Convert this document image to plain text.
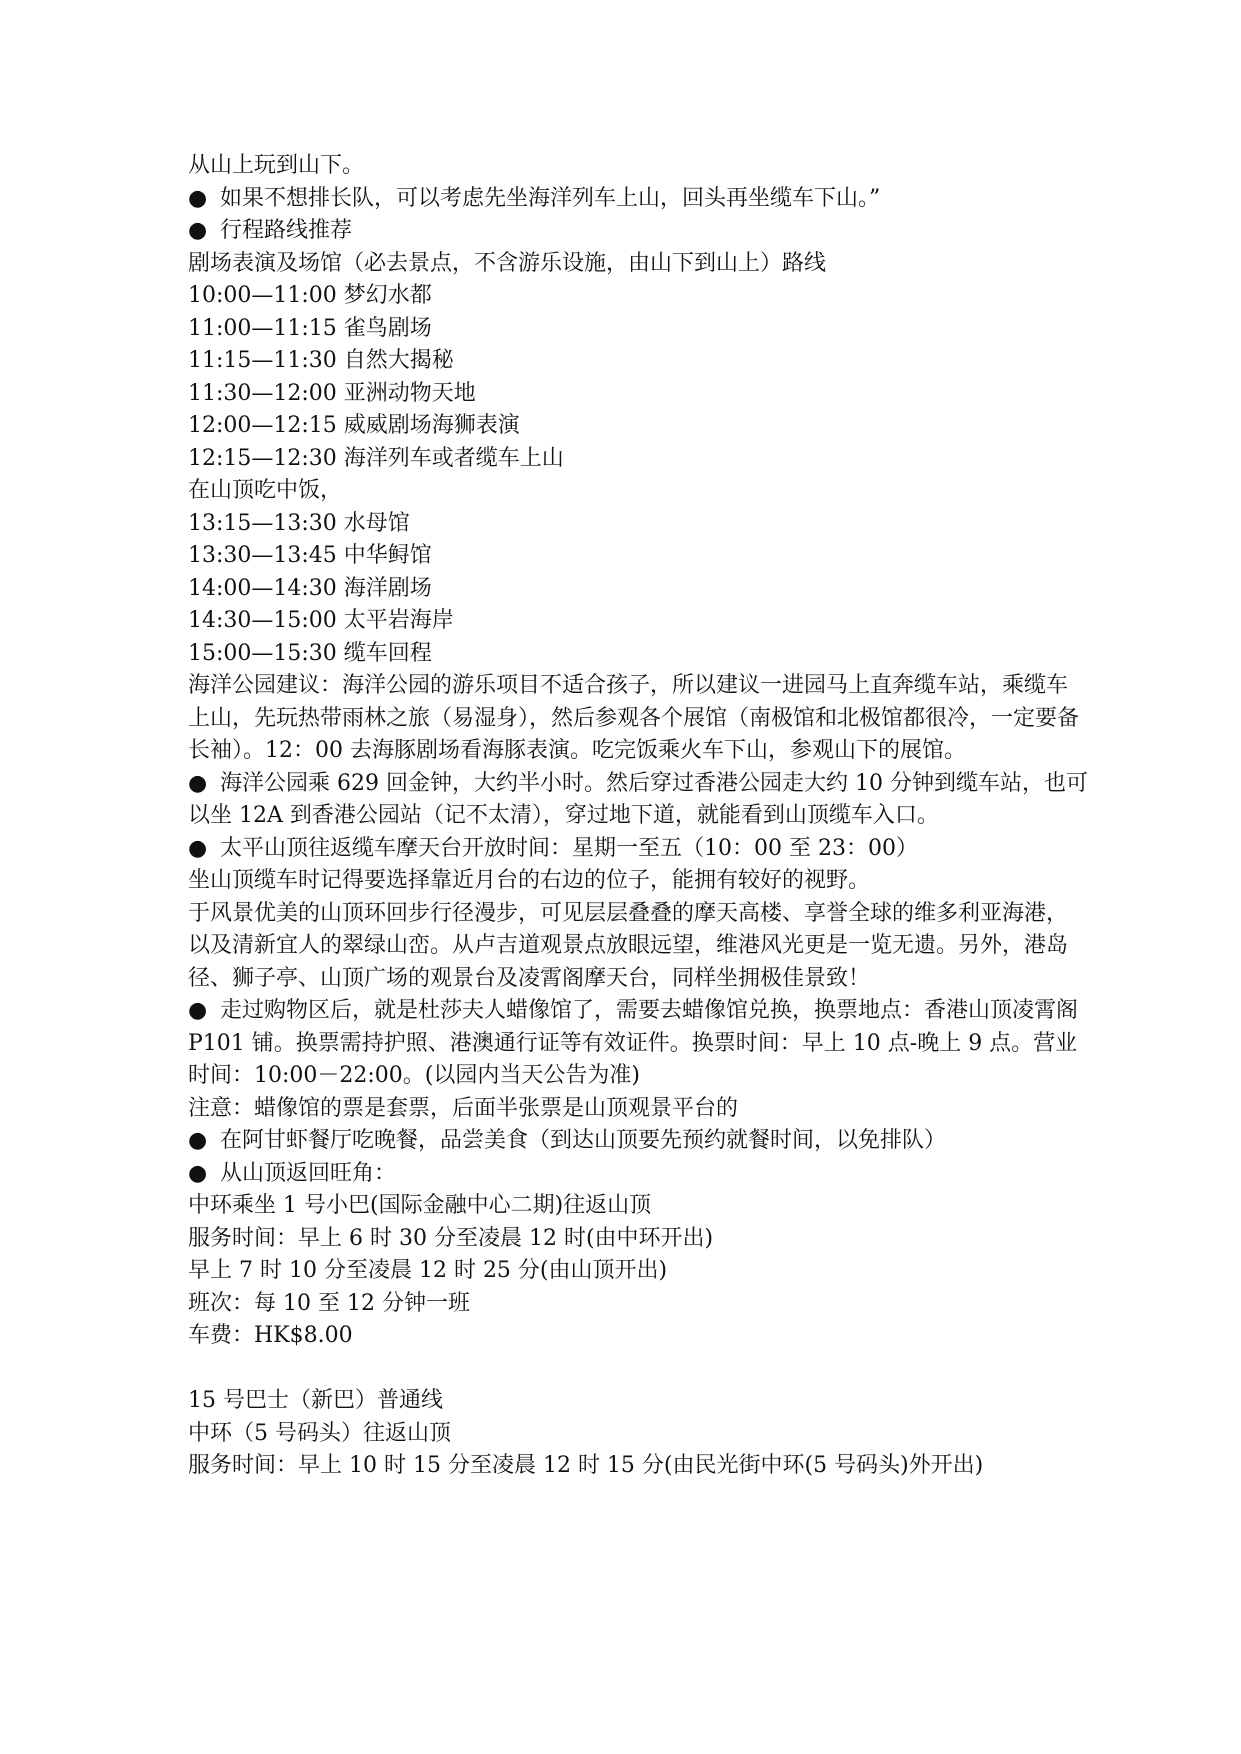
从山上玩到山下。
● 如果不想排长队，可以考虑先坐海洋列车上山，回头再坐缆车下山。”
● 行程路线推荐
剧场表演及场馆（必去景点，不含游乐设施，由山下到山上）路线
10:00—11:00 梦幻水都
11:00—11:15 雀鸟剧场
11:15—11:30 自然大揭秘
11:30—12:00 亚洲动物天地
12:00—12:15 威威剧场海狮表演
12:15—12:30 海洋列车或者缆车上山
在山顶吃中饭，
13:15—13:30 水母馆
13:30—13:45 中华鲟馆
14:00—14:30 海洋剧场
14:30—15:00 太平岩海岸
15:00—15:30 缆车回程
海洋公园建议：海洋公园的游乐项目不适合孩子，所以建议一进园马上直奔缆车站，乘缆车上山，先玩热带雨林之旅（易湿身），然后参观各个展馆（南极馆和北极馆都很冷，一定要备长袖）。12：00 去海豚剧场看海豚表演。吃完饭乘火车下山，参观山下的展馆。
● 海洋公园乘 629 回金钟，大约半小时。然后穿过香港公园走大约 10 分钟到缆车站，也可以坐 12A 到香港公园站（记不太清），穿过地下道，就能看到山顶缆车入口。
● 太平山顶往返缆车摩天台开放时间：星期一至五（10：00 至 23：00）
坐山顶缆车时记得要选择靠近月台的右边的位子，能拥有较好的视野。
于风景优美的山顶环回步行径漫步，可见层层叠叠的摩天高楼、享誉全球的维多利亚海港，以及清新宜人的翠绿山峦。从卢吉道观景点放眼远望，维港风光更是一览无遗。另外，港岛径、狮子亭、山顶广场的观景台及凌霄阁摩天台，同样坐拥极佳景致！
● 走过购物区后，就是杜莎夫人蜡像馆了，需要去蜡像馆兑换，换票地点：香港山顶凌霄阁 P101 铺。换票需持护照、港澳通行证等有效证件。换票时间：早上 10 点-晚上 9 点。营业时间：10:00－22:00。(以园内当天公告为准)
注意：蜡像馆的票是套票，后面半张票是山顶观景平台的
● 在阿甘虾餐厅吃晚餐，品尝美食（到达山顶要先预约就餐时间，以免排队）
● 从山顶返回旺角：
中环乘坐 1 号小巴(国际金融中心二期)往返山顶
服务时间：早上 6 时 30 分至凌晨 12 时(由中环开出)
早上 7 时 10 分至凌晨 12 时 25 分(由山顶开出)
班次：每 10 至 12 分钟一班
车费：HK$8.00
15 号巴士（新巴）普通线
中环（5 号码头）往返山顶
服务时间：早上 10 时 15 分至凌晨 12 时 15 分(由民光街中环(5 号码头)外开出)
